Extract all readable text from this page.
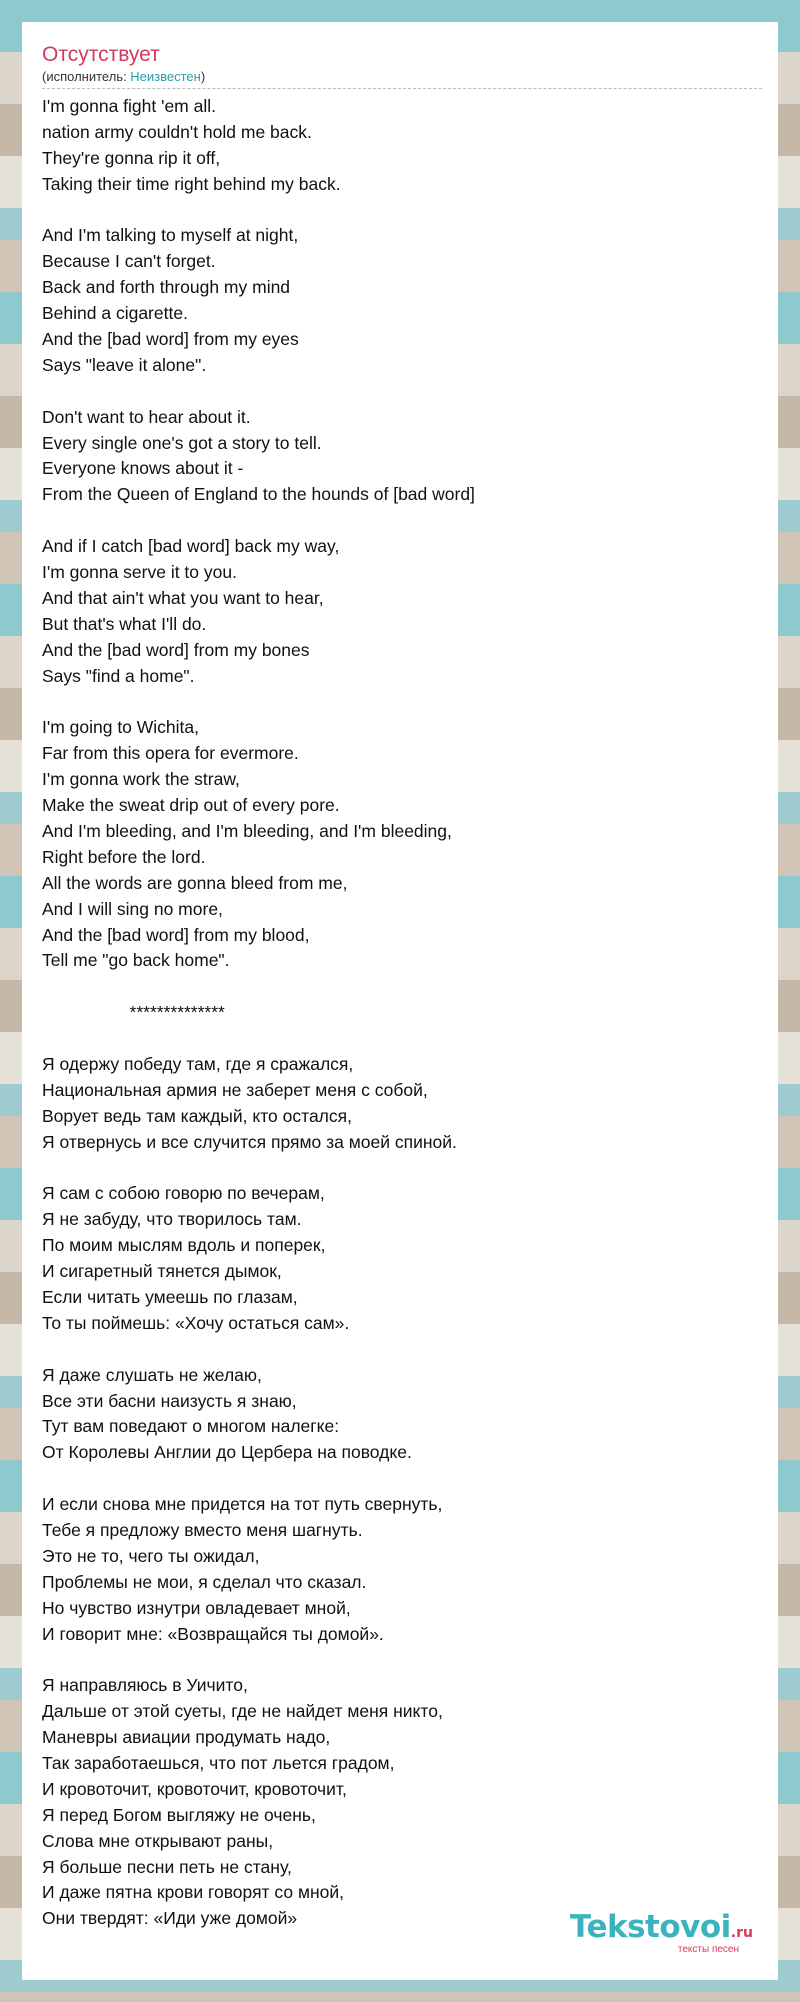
Отсутствует
(исполнитель: Неизвестен)
I'm gonna fight 'em all.
nation army couldn't hold me back.
They're gonna rip it off,
Taking their time right behind my back.
And I'm talking to myself at night,
Because I can't forget.
Back and forth through my mind
Behind a cigarette.
And the [bad word] from my eyes
Says "leave it alone".
Don't want to hear about it.
Every single one's got a story to tell.
Everyone knows about it -
From the Queen of England to the hounds of [bad word]
And if I catch [bad word] back my way,
I'm gonna serve it to you.
And that ain't what you want to hear,
But that's what I'll do.
And the [bad word] from my bones
Says "find a home".
I'm going to Wichita,
Far from this opera for evermore.
I'm gonna work the straw,
Make the sweat drip out of every pore.
And I'm bleeding, and I'm bleeding, and I'm bleeding,
Right before the lord.
All the words are gonna bleed from me,
And I will sing no more,
And the [bad word] from my blood,
Tell me "go back home".
**************
Я одержу победу там, где я сражался,
Национальная армия не заберет меня с собой,
Ворует ведь там каждый, кто остался,
Я отвернусь и все случится прямо за моей спиной.
Я сам с собою говорю по вечерам,
Я не забуду, что творилось там.
По моим мыслям вдоль и поперек,
И сигаретный тянется дымок,
Если читать умеешь по глазам,
То ты поймешь: «Хочу остаться сам».
Я даже слушать не желаю,
Все эти басни наизусть я знаю,
Тут вам поведают о многом налегке:
От Королевы Англии до Цербера на поводке.
И если снова мне придется на тот путь свернуть,
Тебе я предложу вместо меня шагнуть.
Это не то, чего ты ожидал,
Проблемы не мои, я сделал что сказал.
Но чувство изнутри овладевает мной,
И говорит мне: «Возвращайся ты домой».
Я направляюсь в Уичито,
Дальше от этой суеты, где не найдет меня никто,
Маневры авиации продумать надо,
Так заработаешься, что пот льется градом,
И кровоточит, кровоточит, кровоточит,
Я перед Богом выгляжу не очень,
Слова мне открывают раны,
Я больше песни петь не стану,
И даже пятна крови говорят со мной,
Они твердят: «Иди уже домой»	Tekstovoi.ru
тексты песен
